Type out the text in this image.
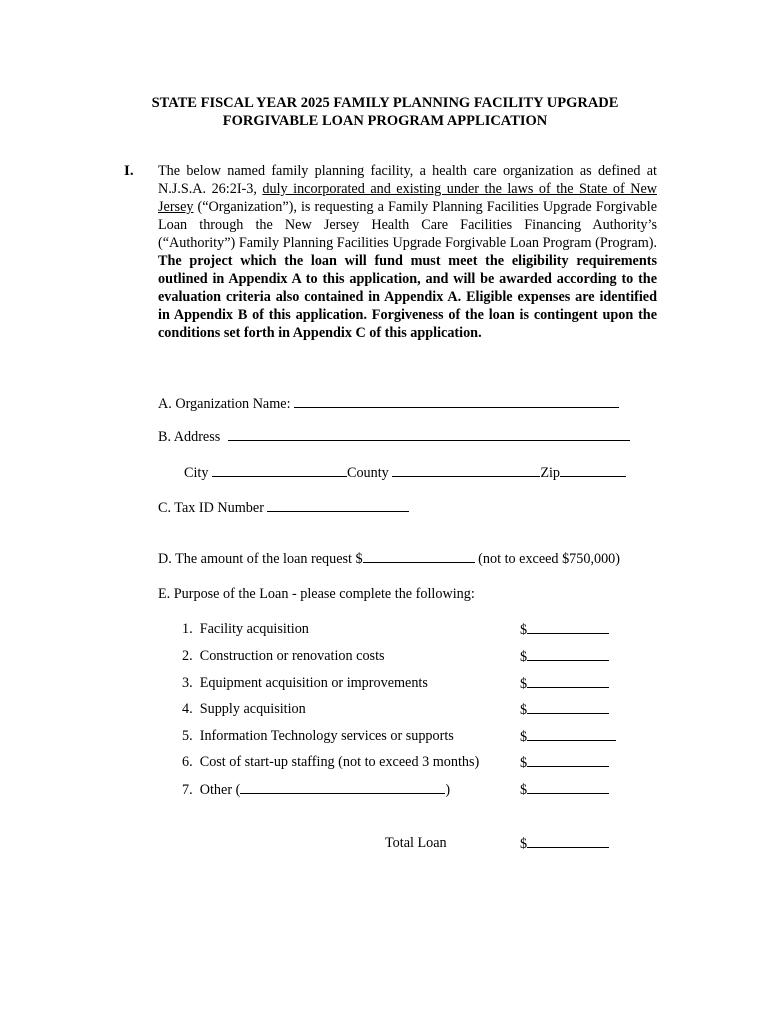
STATE FISCAL YEAR 2025 FAMILY PLANNING FACILITY UPGRADE
FORGIVABLE LOAN PROGRAM APPLICATION
I. The below named family planning facility, a health care organization as defined at N.J.S.A. 26:2I-3, duly incorporated and existing under the laws of the State of New Jersey (“Organization”), is requesting a Family Planning Facilities Upgrade Forgivable Loan through the New Jersey Health Care Facilities Financing Authority’s (“Authority”) Family Planning Facilities Upgrade Forgivable Loan Program (Program). The project which the loan will fund must meet the eligibility requirements outlined in Appendix A to this application, and will be awarded according to the evaluation criteria also contained in Appendix A. Eligible expenses are identified in Appendix B of this application. Forgiveness of the loan is contingent upon the conditions set forth in Appendix C of this application.
A. Organization Name:
B. Address
City	County	Zip
C. Tax ID Number
D. The amount of the loan request $	(not to exceed $750,000)
E. Purpose of the Loan - please complete the following:
1. Facility acquisition	$
2. Construction or renovation costs	$
3. Equipment acquisition or improvements	$
4. Supply acquisition	$
5. Information Technology services or supports	$
6. Cost of start-up staffing (not to exceed 3 months)	$
7. Other (	)	$
Total Loan	$
